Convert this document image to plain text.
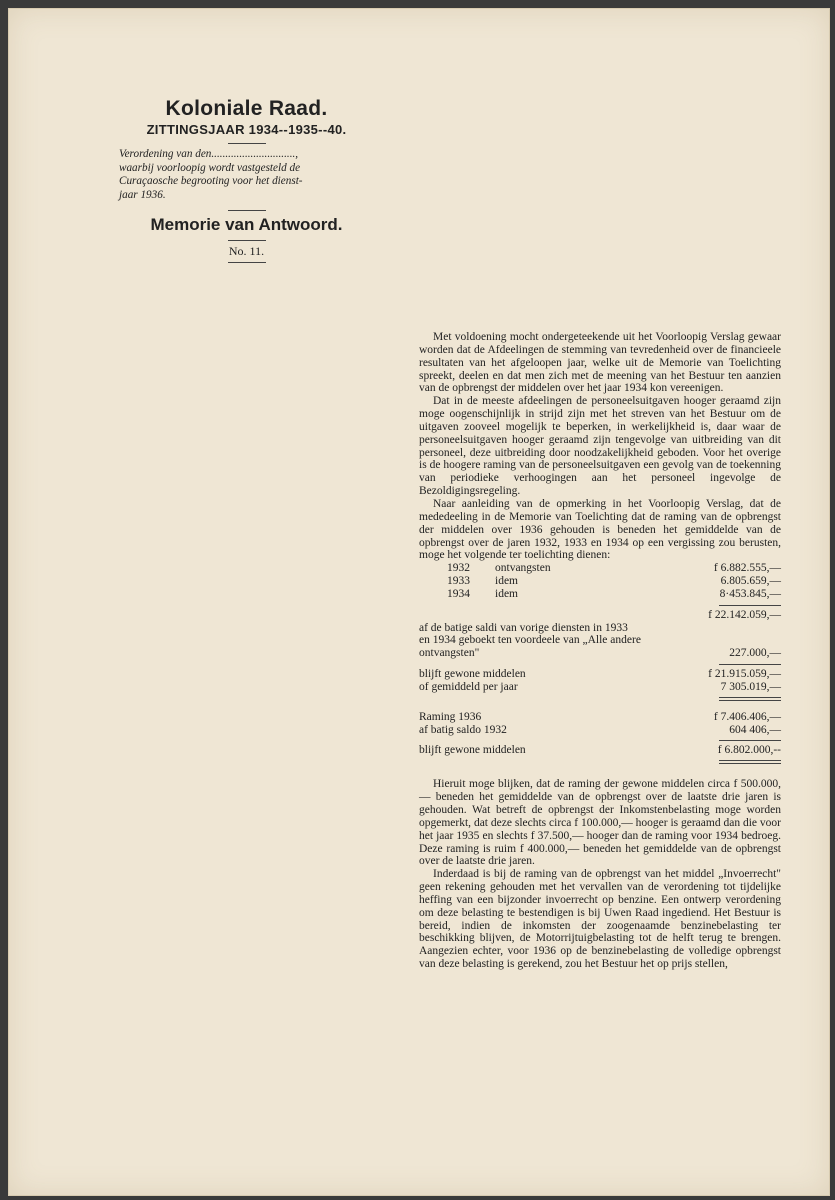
Koloniale Raad.
ZITTINGSJAAR 1934--1935--40.
Verordening van den..............................,
waarbij voorloopig wordt vastgesteld de
Curaçaosche begrooting voor het dienst-
jaar 1936.
Memorie van Antwoord.
No. 11.

Met voldoening mocht ondergeteekende uit het Voorloopig Verslag gewaar worden dat de Afdeelingen de stemming van tevredenheid over de financieele resultaten van het afgeloopen jaar, welke uit de Memorie van Toelichting spreekt, deelen en dat men zich met de meening van het Bestuur ten aanzien van de opbrengst der middelen over het jaar 1934 kon vereenigen.

Dat in de meeste afdeelingen de personeelsuitgaven hooger geraamd zijn moge oogenschijnlijk in strijd zijn met het streven van het Bestuur om de uitgaven zooveel mogelijk te beperken, in werkelijkheid is, daar waar de personeelsuitgaven hooger geraamd zijn tengevolge van uitbreiding van dit personeel, deze uitbreiding door noodzakelijkheid geboden. Voor het overige is de hoogere raming van de personeelsuitgaven een gevolg van de toekenning van periodieke verhoogingen aan het personeel ingevolge de Bezoldigingsregeling.

Naar aanleiding van de opmerking in het Voorloopig Verslag, dat de mededeeling in de Memorie van Toelichting dat de raming van de opbrengst der middelen over 1936 gehouden is beneden het gemiddelde van de opbrengst over de jaren 1932, 1933 en 1934 op een vergissing zou berusten, moge het volgende ter toelichting dienen:

1932 ontvangsten	f 6.882.555,—
1933 idem	6.805.659,—
1934 idem	8·453.845,—
f 22.142.059,—
af de batige saldi van vorige diensten in 1933
en 1934 geboekt ten voordeele van „Alle andere
ontvangsten"	227.000,—
blijft gewone middelen	f 21.915.059,—
of gemiddeld per jaar	7 305.019,—
Raming 1936	f 7.406.406,—
af batig saldo 1932	604 406,—
blijft gewone middelen	f 6.802.000,--

Hieruit moge blijken, dat de raming der gewone middelen circa f 500.000,— beneden het gemiddelde van de opbrengst over de laatste drie jaren is gehouden. Wat betreft de opbrengst der Inkomstenbelasting moge worden opgemerkt, dat deze slechts circa f 100.000,— hooger is geraamd dan die voor het jaar 1935 en slechts f 37.500,— hooger dan de raming voor 1934 bedroeg. Deze raming is ruim f 400.000,— beneden het gemiddelde van de opbrengst over de laatste drie jaren.

Inderdaad is bij de raming van de opbrengst van het middel „Invoerrecht" geen rekening gehouden met het vervallen van de verordening tot tijdelijke heffing van een bijzonder invoerrecht op benzine. Een ontwerp verordening om deze belasting te bestendigen is bij Uwen Raad ingediend. Het Bestuur is bereid, indien de inkomsten der zoogenaamde benzinebelasting ter beschikking blijven, de Motorrijtuigbelasting tot de helft terug te brengen. Aangezien echter, voor 1936 op de benzinebelasting de volledige opbrengst van deze belasting is gerekend, zou het Bestuur het op prijs stellen,
